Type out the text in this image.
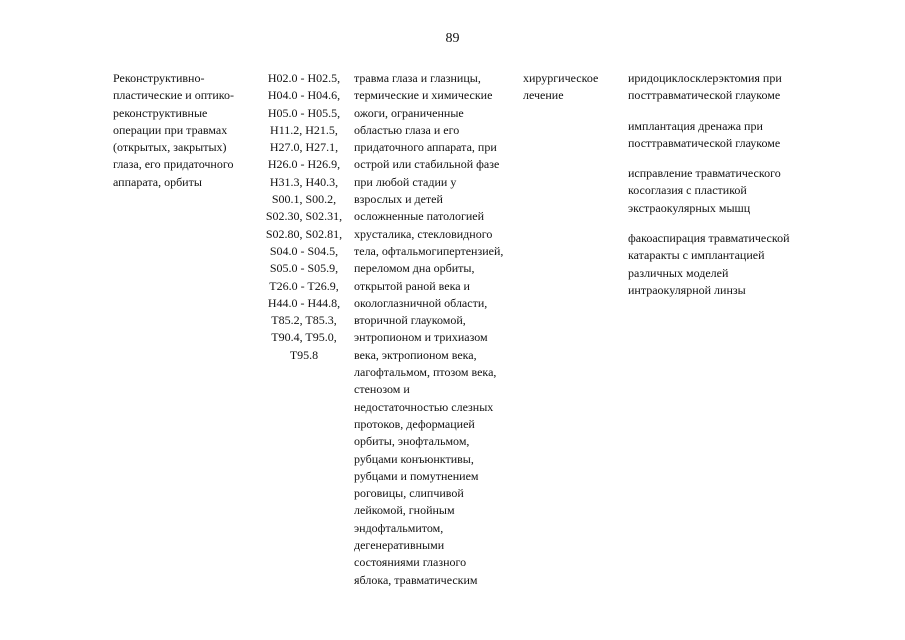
89
Реконструктивно-
пластические и оптико-
реконструктивные
операции при травмах
(открытых, закрытых)
глаза, его придаточного
аппарата, орбиты
H02.0 - H02.5,
H04.0 - H04.6,
H05.0 - H05.5,
H11.2, H21.5,
H27.0, H27.1,
H26.0 - H26.9,
H31.3, H40.3,
S00.1, S00.2,
S02.30, S02.31,
S02.80, S02.81,
S04.0 - S04.5,
S05.0 - S05.9,
T26.0 - T26.9,
H44.0 - H44.8,
T85.2, T85.3,
T90.4, T95.0,
T95.8
травма глаза и глазницы,
термические и химические
ожоги, ограниченные
областью глаза и его
придаточного аппарата, при
острой или стабильной фазе
при любой стадии у
взрослых и детей
осложненные патологией
хрусталика, стекловидного
тела, офтальмогипертензией,
переломом дна орбиты,
открытой раной века и
окологлазничной области,
вторичной глаукомой,
энтропионом и трихиазом
века, эктропионом века,
лагофтальмом, птозом века,
стенозом и
недостаточностью слезных
протоков, деформацией
орбиты, энофтальмом,
рубцами конъюнктивы,
рубцами и помутнением
роговицы, слипчивой
лейкомой, гнойным
эндофтальмитом,
дегенеративными
состояниями глазного
яблока, травматическим
хирургическое
лечение
иридоциклосклерэктомия при
посттравматической глаукоме
имплантация дренажа при
посттравматической глаукоме
исправление травматического
косоглазия с пластикой
экстраокулярных мышц
факоаспирация травматической
катаракты с имплантацией
различных моделей
интраокулярной линзы
